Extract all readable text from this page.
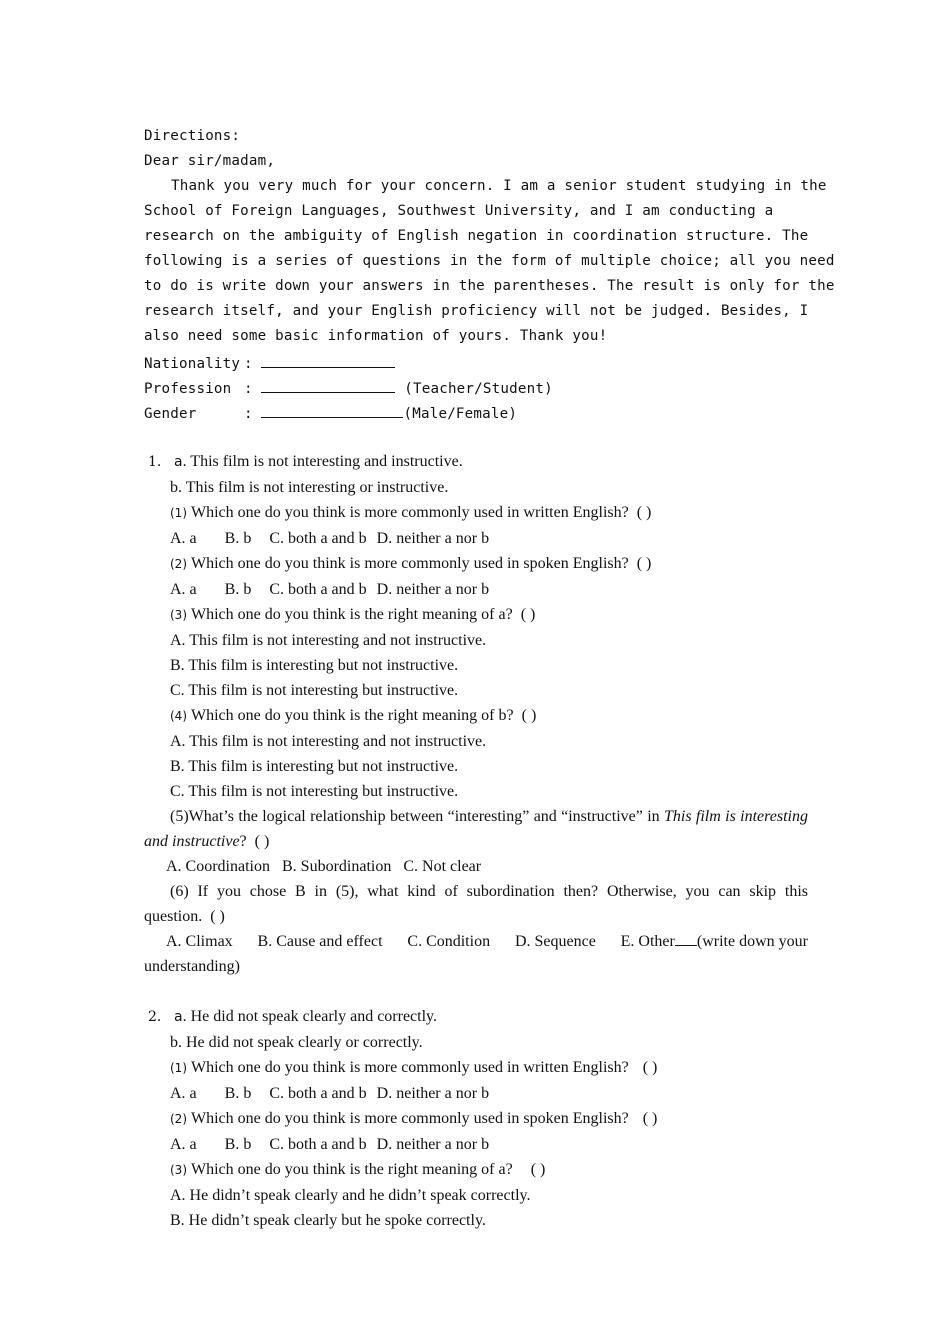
Directions:
Dear sir/madam,
Thank you very much for your concern. I am a senior student studying in the
School of Foreign Languages, Southwest University, and I am conducting a
research on the ambiguity of English negation in coordination structure. The
following is a series of questions in the form of multiple choice; all you need
to do is write down your answers in the parentheses. The result is only for the
research itself, and your English proficiency will not be judged. Besides, I
also need some basic information of yours. Thank you!
Nationality :
Profession :	(Teacher/Student)
Gender	:	(Male/Female)
1. a. This film is not interesting and instructive.
b. This film is not interesting or instructive.
(1) Which one do you think is more commonly used in written English? ( )
A. a B. b C. both a and b D. neither a nor b
(2) Which one do you think is more commonly used in spoken English? ( )
A. a B. b C. both a and b D. neither a nor b
(3) Which one do you think is the right meaning of a? ( )
A. This film is not interesting and not instructive.
B. This film is interesting but not instructive.
C. This film is not interesting but instructive.
(4) Which one do you think is the right meaning of b? ( )
A. This film is not interesting and not instructive.
B. This film is interesting but not instructive.
C. This film is not interesting but instructive.
(5)What’s the logical relationship between “interesting” and “instructive” in This film is interesting and instructive? ( )
A. Coordination B. Subordination C. Not clear
(6) If you chose B in (5), what kind of subordination then? Otherwise, you can skip this
question. ( )
A. Climax B. Cause and effect C. Condition D. Sequence E. Other (write down your
understanding)
2. a. He did not speak clearly and correctly.
b. He did not speak clearly or correctly.
(1) Which one do you think is more commonly used in written English? ( )
A. a B. b C. both a and b D. neither a nor b
(2) Which one do you think is more commonly used in spoken English? ( )
A. a B. b C. both a and b D. neither a nor b
(3) Which one do you think is the right meaning of a? ( )
A. He didn’t speak clearly and he didn’t speak correctly.
B. He didn’t speak clearly but he spoke correctly.
